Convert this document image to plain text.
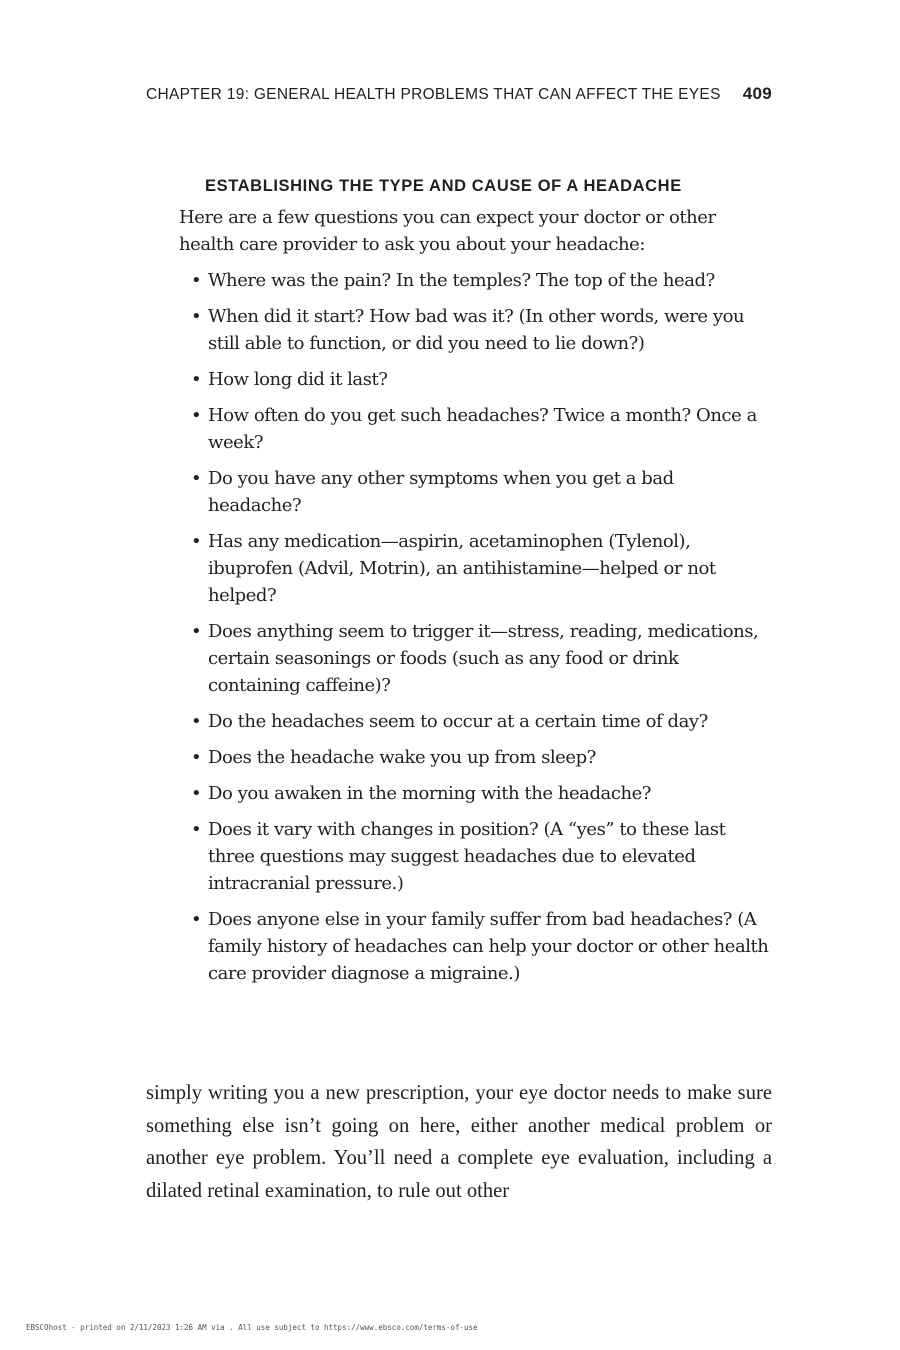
CHAPTER 19: GENERAL HEALTH PROBLEMS THAT CAN AFFECT THE EYES 409
ESTABLISHING THE TYPE AND CAUSE OF A HEADACHE

Here are a few questions you can expect your doctor or other health care provider to ask you about your headache:

• Where was the pain? In the temples? The top of the head?
• When did it start? How bad was it? (In other words, were you still able to function, or did you need to lie down?)
• How long did it last?
• How often do you get such headaches? Twice a month? Once a week?
• Do you have any other symptoms when you get a bad headache?
• Has any medication—aspirin, acetaminophen (Tylenol), ibuprofen (Advil, Motrin), an antihistamine—helped or not helped?
• Does anything seem to trigger it—stress, reading, medications, certain seasonings or foods (such as any food or drink containing caffeine)?
• Do the headaches seem to occur at a certain time of day?
• Does the headache wake you up from sleep?
• Do you awaken in the morning with the headache?
• Does it vary with changes in position? (A “yes” to these last three questions may suggest headaches due to elevated intracranial pressure.)
• Does anyone else in your family suffer from bad headaches? (A family history of headaches can help your doctor or other health care provider diagnose a migraine.)

simply writing you a new prescription, your eye doctor needs to make sure something else isn’t going on here, either another medical problem or another eye problem. You’ll need a complete eye evaluation, including a dilated retinal examination, to rule out other

EBSCOhost - printed on 2/11/2023 1:26 AM via . All use subject to https://www.ebsco.com/terms-of-use
